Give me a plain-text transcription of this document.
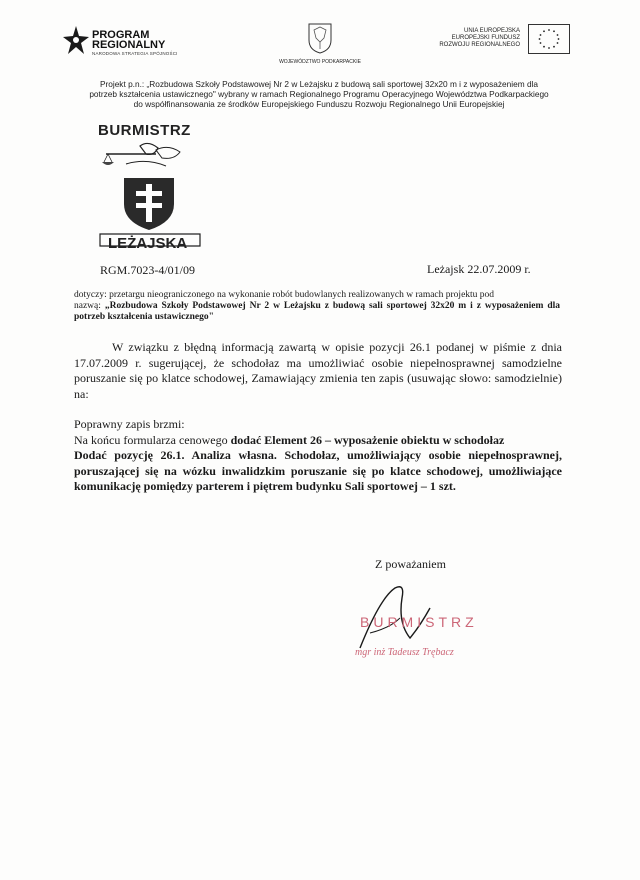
PROGRAM
REGIONALNY
NARODOWA STRATEGIA SPÓJNOŚCI
WOJEWÓDZTWO PODKARPACKIE
UNIA EUROPEJSKA
EUROPEJSKI FUNDUSZ
ROZWOJU REGIONALNEGO
Projekt p.n.: „Rozbudowa Szkoły Podstawowej Nr 2 w Leżajsku z budową sali sportowej 32x20 m i z wyposażeniem dla
potrzeb kształcenia ustawicznego" wybrany w ramach Regionalnego Programu Operacyjnego Województwa Podkarpackiego
do współfinansowania ze środków Europejskiego Funduszu Rozwoju Regionalnego Unii Europejskiej
BURMISTRZ
LEŻAJSKA
RGM.7023-4/01/09	Leżajsk 22.07.2009 r.
dotyczy: przetargu nieograniczonego na wykonanie robót budowlanych realizowanych w ramach projektu pod
nazwą: „Rozbudowa Szkoły Podstawowej Nr 2 w Leżajsku z budową sali sportowej 32x20 m i z wyposażeniem dla potrzeb kształcenia ustawicznego"
W związku z błędną informacją zawartą w opisie pozycji 26.1 podanej w piśmie z dnia 17.07.2009 r. sugerującej, że schodołaz ma umożliwiać osobie niepełnosprawnej samodzielne poruszanie się po klatce schodowej, Zamawiający zmienia ten zapis (usuwając słowo: samodzielnie) na:
Poprawny zapis brzmi:
Na końcu formularza cenowego dodać Element 26 – wyposażenie obiektu w schodołaz
Dodać pozycję 26.1. Analiza własna. Schodołaz, umożliwiający osobie niepełnosprawnej, poruszającej się na wózku inwalidzkim poruszanie się po klatce schodowej, umożliwiające komunikację pomiędzy parterem i piętrem budynku Sali sportowej – 1 szt.
Z poważaniem
BURMISTRZ
mgr inż Tadeusz Trębacz
